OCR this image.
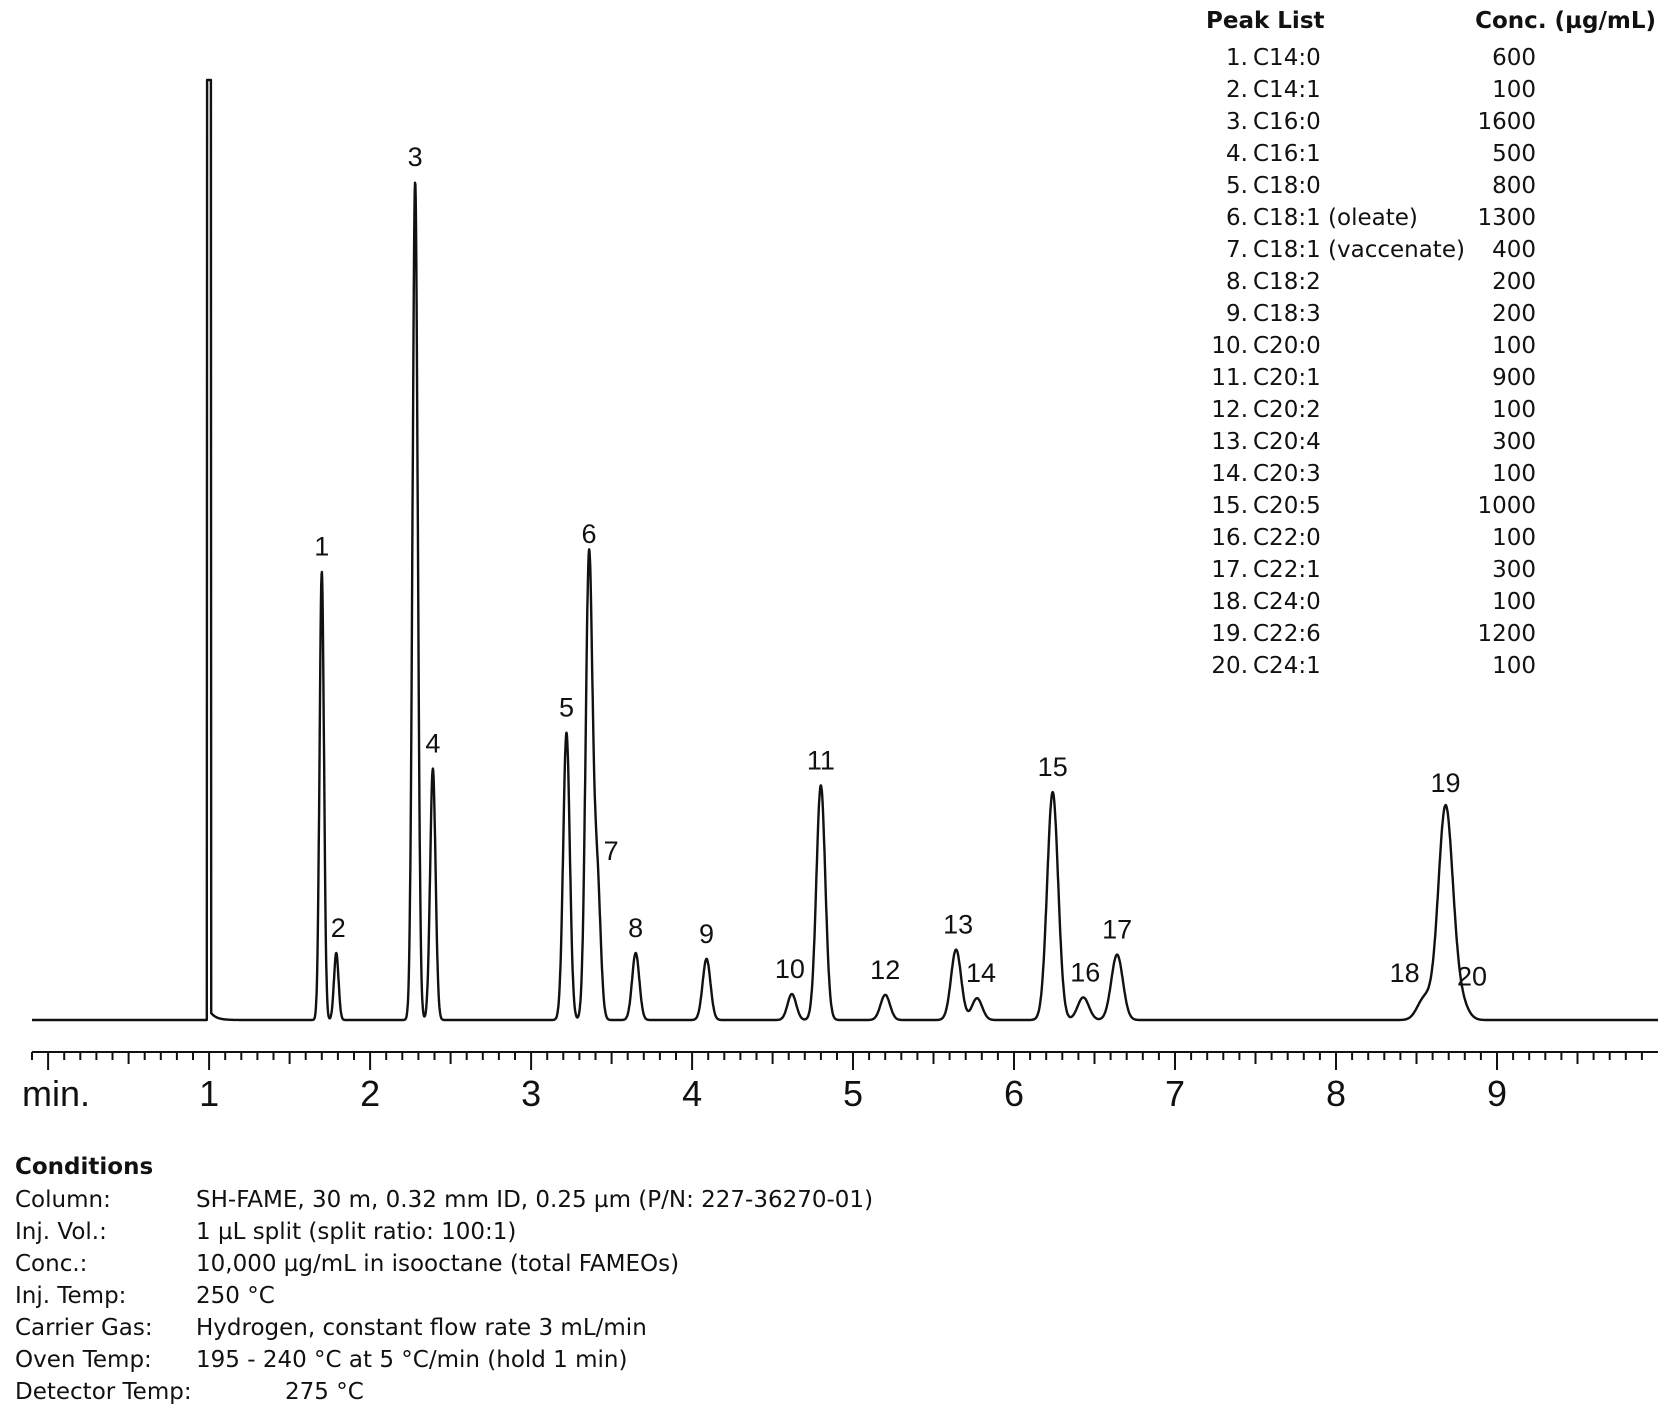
1
2
3
4
5
6
7
8 9
10
11
12
13
14
15
16
17
18
19
20
1	2	3	4	5	6	7	8	9
min.
Peak List	Conc. (µg/mL)
1. C14:0	600
2. C14:1	100
3. C16:0	1600
4. C16:1	500
5. C18:0	800
6. C18:1 (oleate)	1300
7. C18:1 (vaccenate)	400
8. C18:2	200
9. C18:3	200
10. C20:0	100
11. C20:1	900
12. C20:2	100
13. C20:4	300
14. C20:3	100
15. C20:5	1000
16. C22:0	100
17. C22:1	300
18. C24:0	100
19. C22:6	1200
20. C24:1	100
Conditions
Column:	SH-FAME, 30 m, 0.32 mm ID, 0.25 µm (P/N: 227-36270-01)
Inj. Vol.:	1 µL split (split ratio: 100:1)
Conc.:	10,000 µg/mL in isooctane (total FAMEOs)
Inj. Temp:	250 °C
Carrier Gas: Hydrogen, constant flow rate 3 mL/min
Oven Temp: 195 - 240 °C at 5 °C/min (hold 1 min)
Detector Temp:	275 °C
